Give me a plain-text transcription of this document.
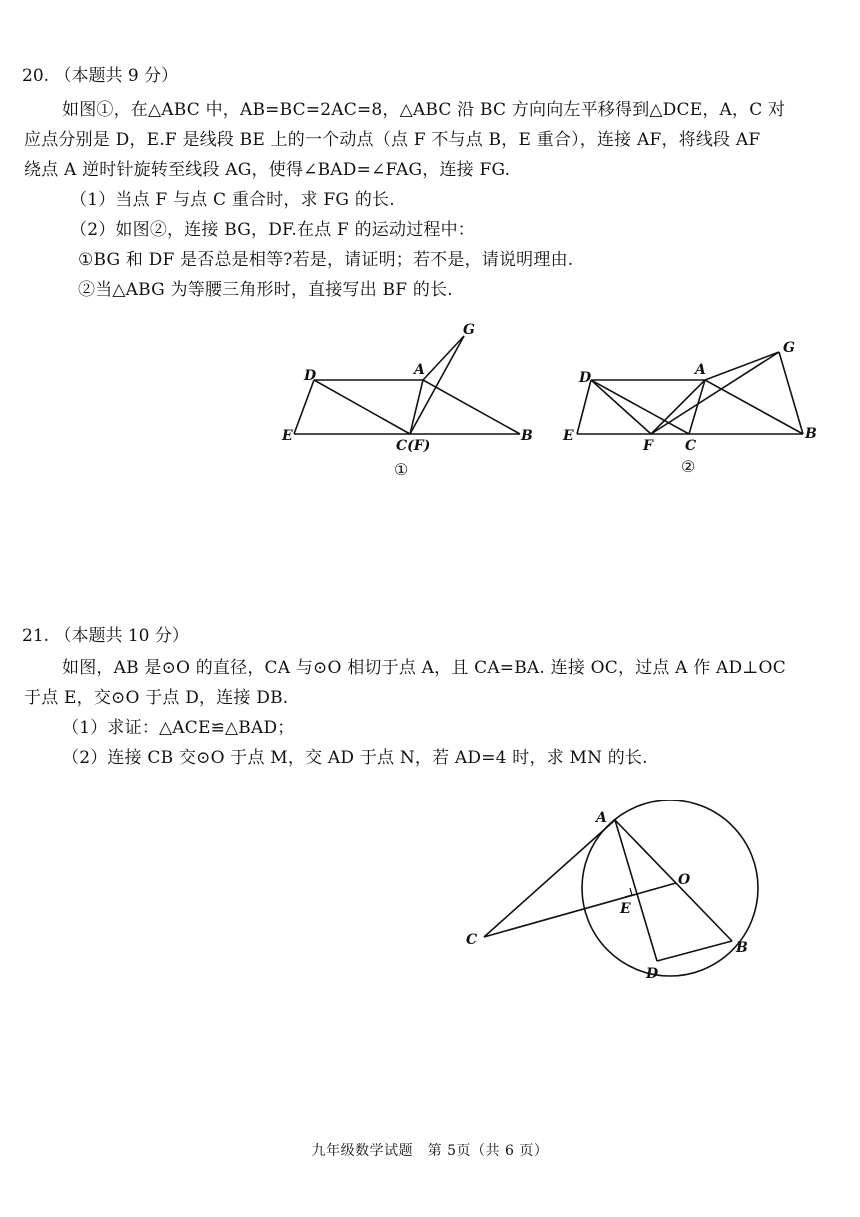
20. （本题共 9 分）
如图①，在△ABC 中，AB=BC=2AC=8，△ABC 沿 BC 方向向左平移得到△DCE，A，C 对
应点分别是 D，E.F 是线段 BE 上的一个动点（点 F 不与点 B，E 重合），连接 AF，将线段 AF
绕点 A 逆时针旋转至线段 AG，使得∠BAD=∠FAG，连接 FG.
（1）当点 F 与点 C 重合时，求 FG 的长.
（2）如图②，连接 BG，DF.在点 F 的运动过程中：
①BG 和 DF 是否总是相等?若是，请证明；若不是，请说明理由.
②当△ABG 为等腰三角形时，直接写出 BF 的长.
D	A
G
E
C(F)
B
①
D	A
G
E
F C
B
②
21. （本题共 10 分）
如图，AB 是⊙O 的直径，CA 与⊙O 相切于点 A，且 CA=BA. 连接 OC，过点 A 作 AD⊥OC
于点 E，交⊙O 于点 D，连接 DB.
（1）求证：△ACE≌△BAD；
（2）连接 CB 交⊙O 于点 M，交 AD 于点 N，若 AD=4 时，求 MN 的长.
A
O
E
C	B
D
九年级数学试题　第 5页（共 6 页）
